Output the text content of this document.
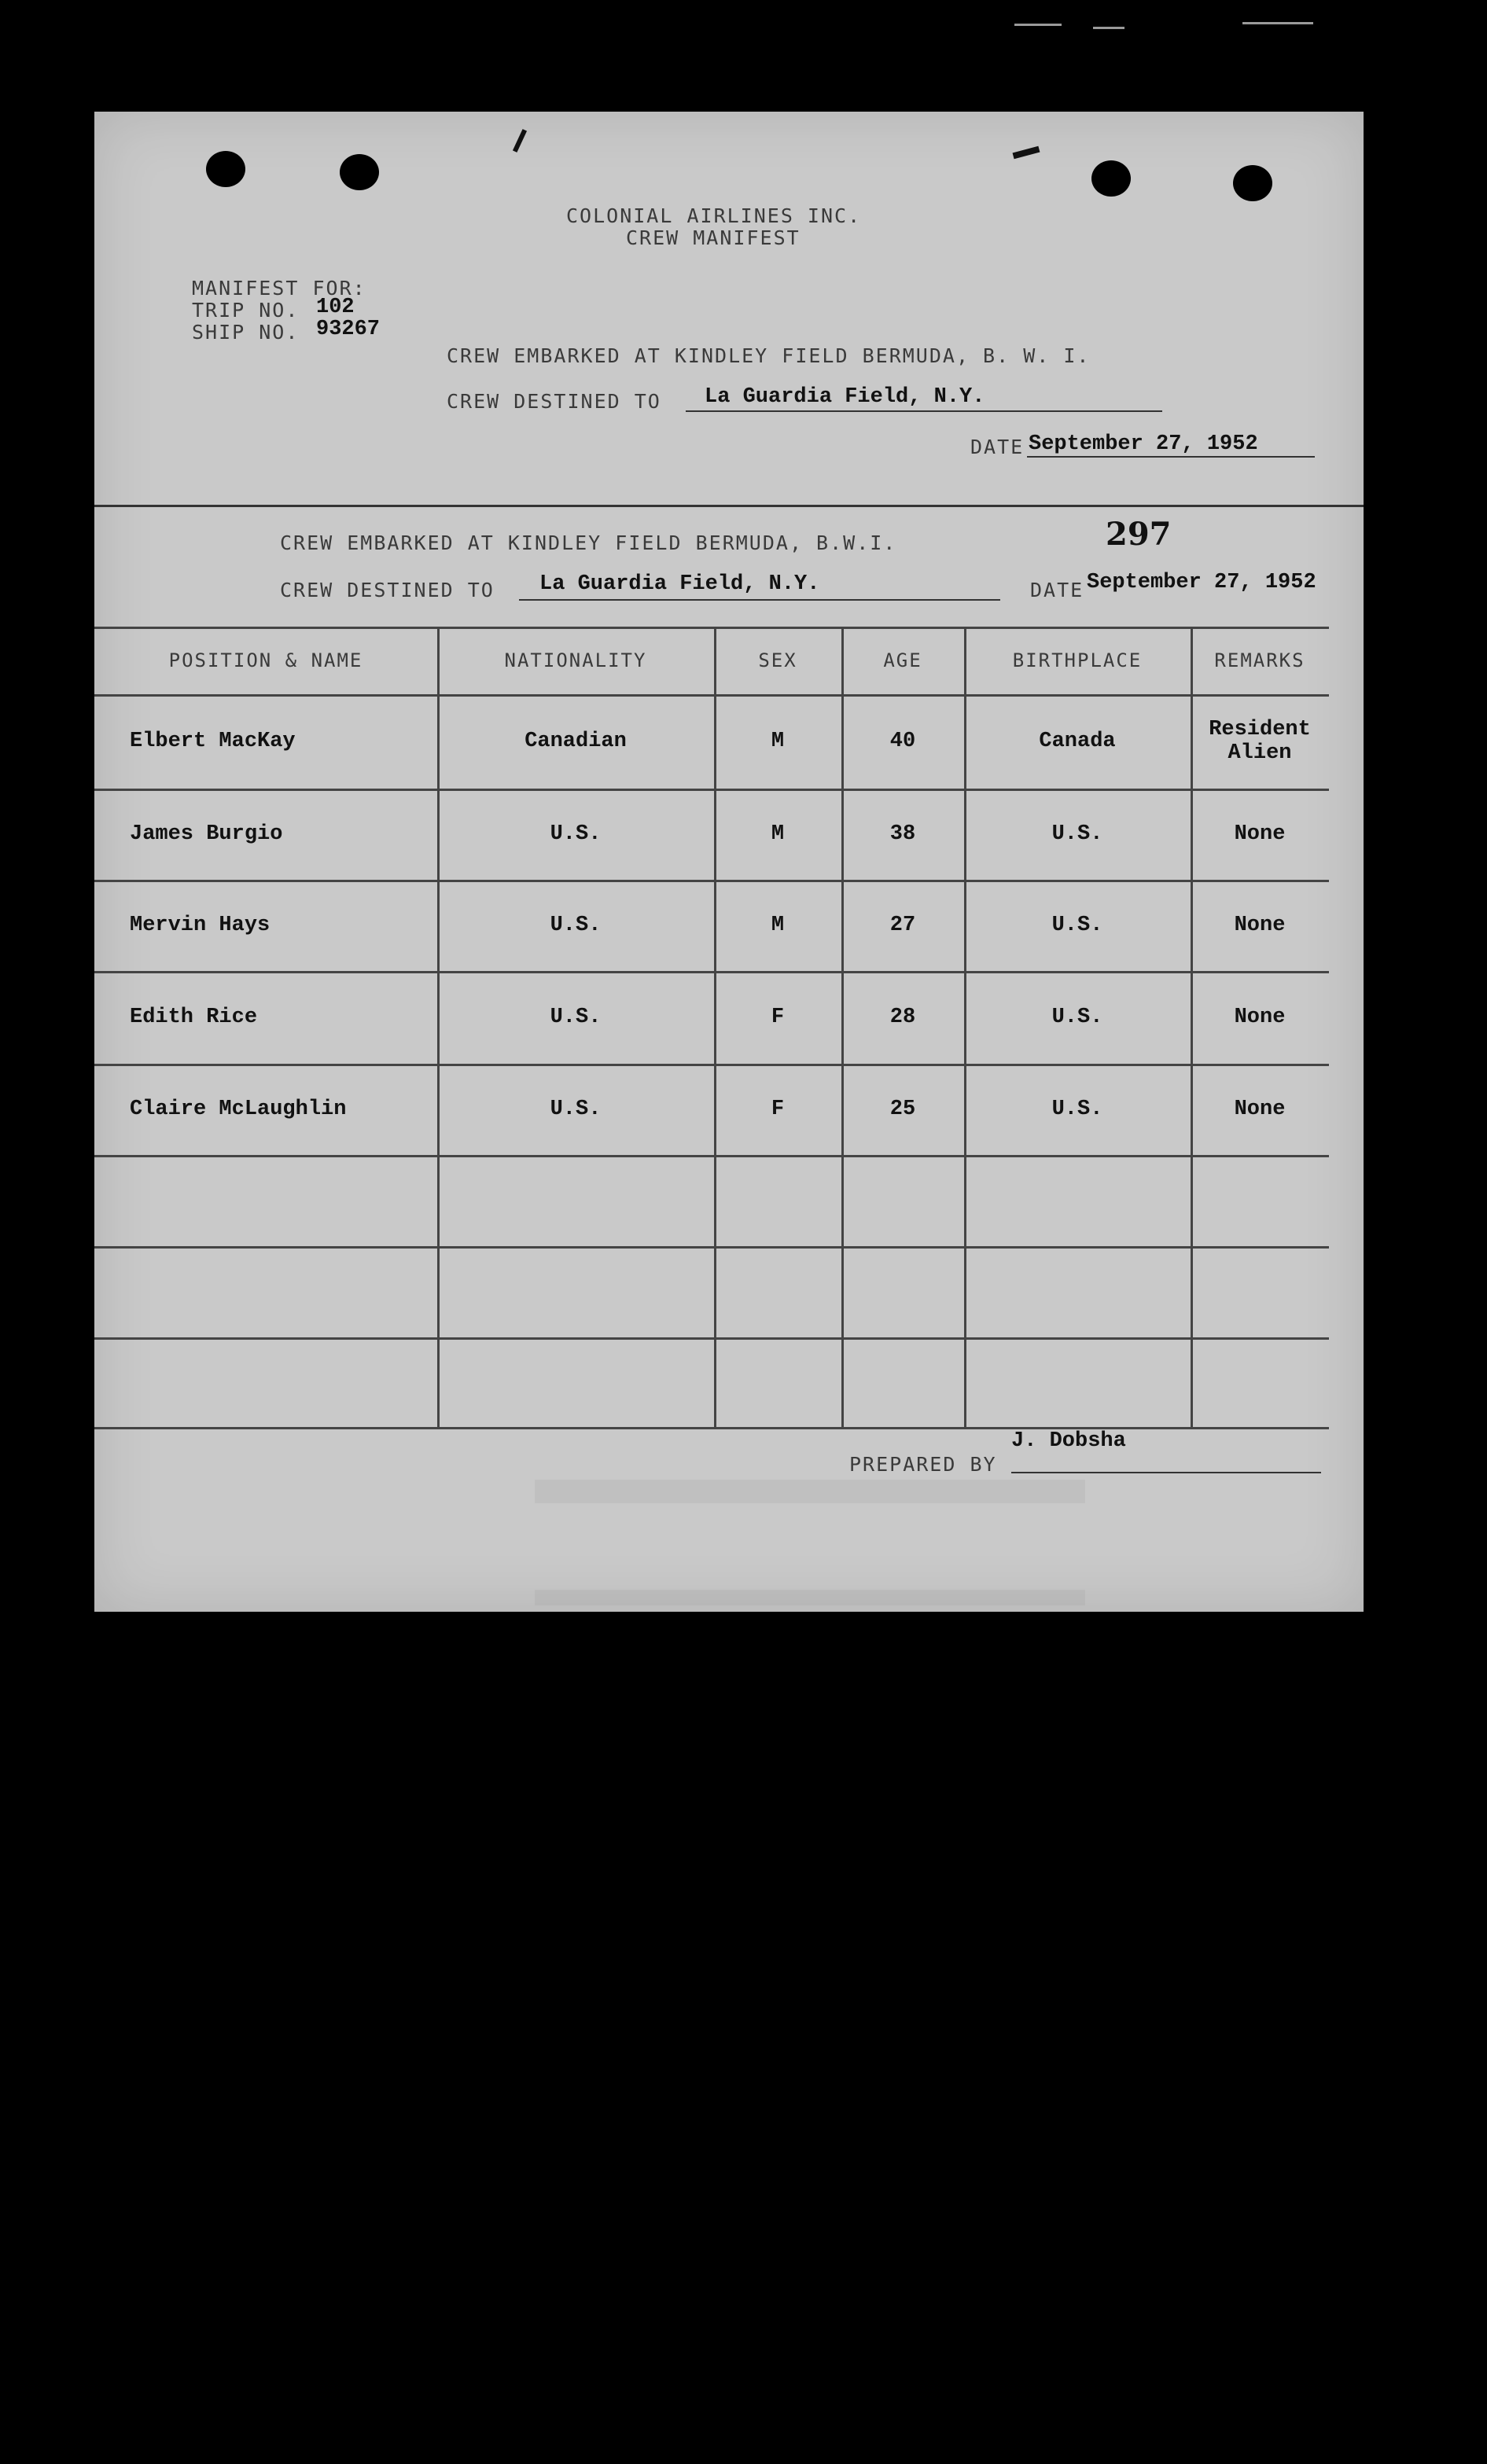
COLONIAL AIRLINES INC.
CREW MANIFEST
MANIFEST FOR:
TRIP NO. 102
SHIP NO. 93267
CREW EMBARKED AT KINDLEY FIELD BERMUDA, B. W. I.
CREW DESTINED TO La Guardia Field, N.Y.
DATE September 27, 1952
297
CREW EMBARKED AT KINDLEY FIELD BERMUDA, B.W.I.
CREW DESTINED TO La Guardia Field, N.Y.	DATE September 27, 1952
POSITION & NAME	NATIONALITY	SEX	AGE	BIRTHPLACE	REMARKS
Elbert MacKay	Canadian	M	40	Canada	Resident
Alien
James Burgio	U.S.	M	38	U.S.	None
Mervin Hays	U.S.	M	27	U.S.	None
Edith Rice	U.S.	F	28	U.S.	None
Claire McLaughlin	U.S.	F	25	U.S.	None
J. Dobsha
PREPARED BY
